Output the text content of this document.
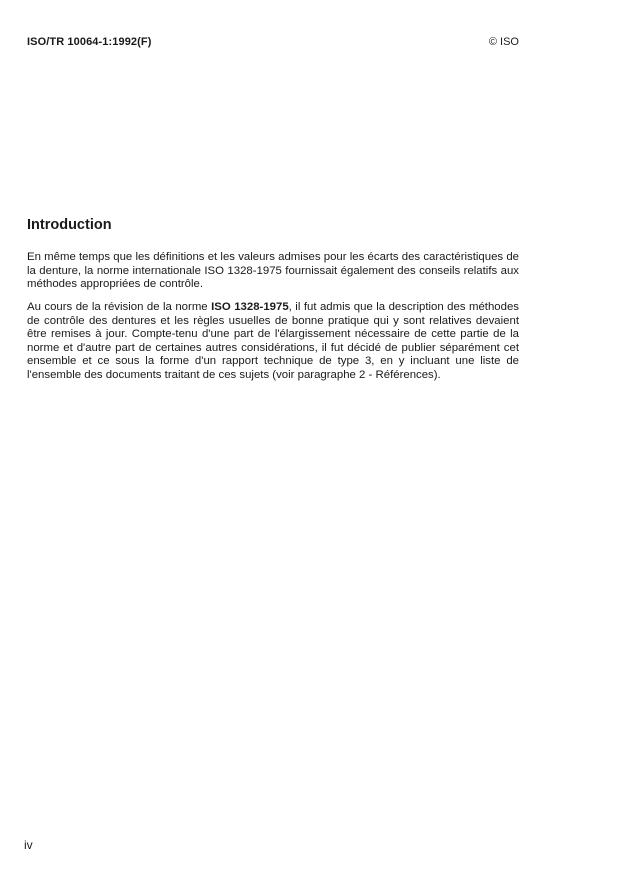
ISO/TR 10064-1:1992(F)	© ISO
Introduction

En même temps que les définitions et les valeurs admises pour les écarts des caractéristiques de la denture, la norme internationale ISO 1328-1975 fournissait également des conseils relatifs aux méthodes appropriées de contrôle.

Au cours de la révision de la norme ISO 1328-1975, il fut admis que la description des méthodes de contrôle des dentures et les règles usuelles de bonne pratique qui y sont relatives devaient être remises à jour. Compte-tenu d'une part de l'élargissement nécessaire de cette partie de la norme et d'autre part de certaines autres considérations, il fut décidé de publier séparément cet ensemble et ce sous la forme d'un rapport technique de type 3, en y incluant une liste de l'ensemble des documents traitant de ces sujets (voir paragraphe 2 - Références).

iv
